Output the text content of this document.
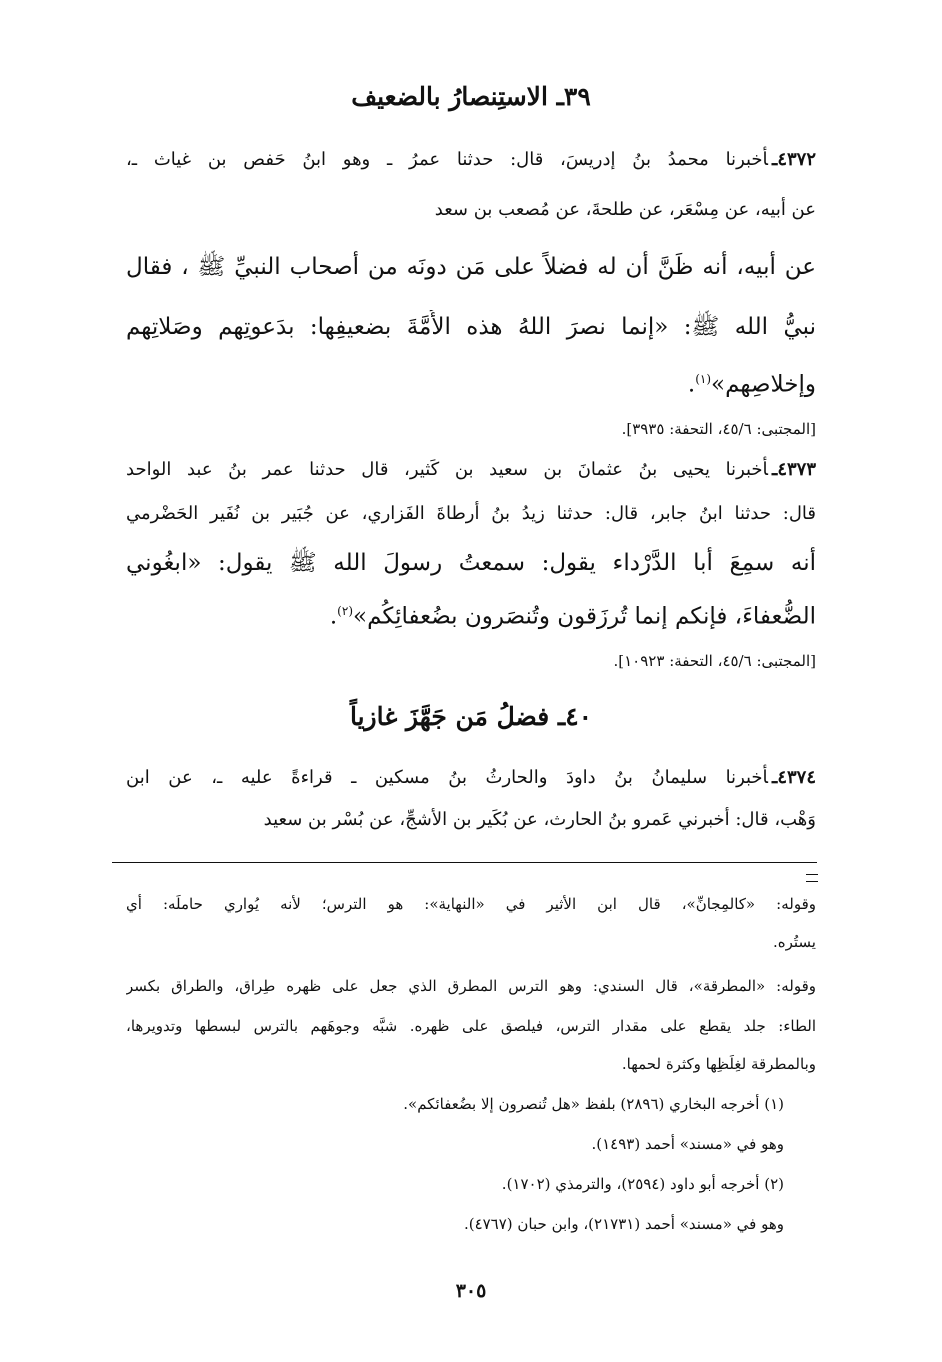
٣٩ـ الاستِنصارُ بالضعيف
٤٣٧٢ـأخبرنا محمدُ بنُ إدريسَ، قال: حدثنا عمرُ ـ وهو ابنُ حَفص بن غياث ـ،
عن أبيه، عن مِسْعَر، عن طلحةَ، عن مُصعب بن سعد
عن أبيه، أنه ظَنَّ أن له فضلاً على مَن دونَه من أصحاب النبيِّ ﷺ ، فقال
نبيُّ الله ﷺ: «إنما نصرَ اللهُ هذه الأُمَّةَ بضعيفِها: بدَعوتِهم وصَلاتِهم
وإخلاصِهم»$^{(١)}$.
[المجتبى: ٤٥/٦، التحفة: ٣٩٣٥].
٤٣٧٣ـأخبرنا يحيى بنُ عثمانَ بن سعيد بن كَثير، قال حدثنا عمر بنُ عبد الواحد
قال: حدثنا ابنُ جابر، قال: حدثنا زيدُ بنُ أرطاةَ الفَزاري، عن جُبَير بن نُفَير الحَضْرمي
أنه سمِعَ أبا الدَّرْداء يقول: سمعتُ رسولَ الله ﷺ يقول: «ابغُوني
الضُّعفاءَ، فإنكم إنما تُرزَقون وتُنصَرون بضُعفائِكُم»$^{(٢)}$.
[المجتبى: ٤٥/٦، التحفة: ١٠٩٢٣].
٤٠ـ فضلُ مَن جَهَّزَ غازياً
٤٣٧٤ـأخبرنا سليمانُ بنُ داودَ والحارثُ بنُ مسكين ـ قراءةً عليه ـ، عن ابن
وَهْب، قال: أخبرني عَمرو بنُ الحارث، عن بُكَير بن الأشجِّ، عن بُسْر بن سعيد
وقوله: «كالمِجانِّ»، قال ابن الأثير في «النهاية»: هو الترس؛ لأنه يُواري حاملَه: أي
يستُره.
وقوله: «المطرقة»، قال السندي: وهو الترس المطرق الذي جعل على ظهره طِراق، والطراق بكسر
الطاء: جلد يقطع على مقدار الترس، فيلصق على ظهره. شبَّه وجوهَهم بالترس لبسطها وتدويرها،
وبالمطرقة لغِلَظِها وكثرة لحمها.
(١) أخرجه البخاري (٢٨٩٦) بلفظ «هل تُنصرون إلا بضُعفائكم».
وهو في «مسند» أحمد (١٤٩٣).
(٢) أخرجه أبو داود (٢٥٩٤)، والترمذي (١٧٠٢).
وهو في «مسند» أحمد (٢١٧٣١)، وابن حبان (٤٧٦٧).
٣٠٥
